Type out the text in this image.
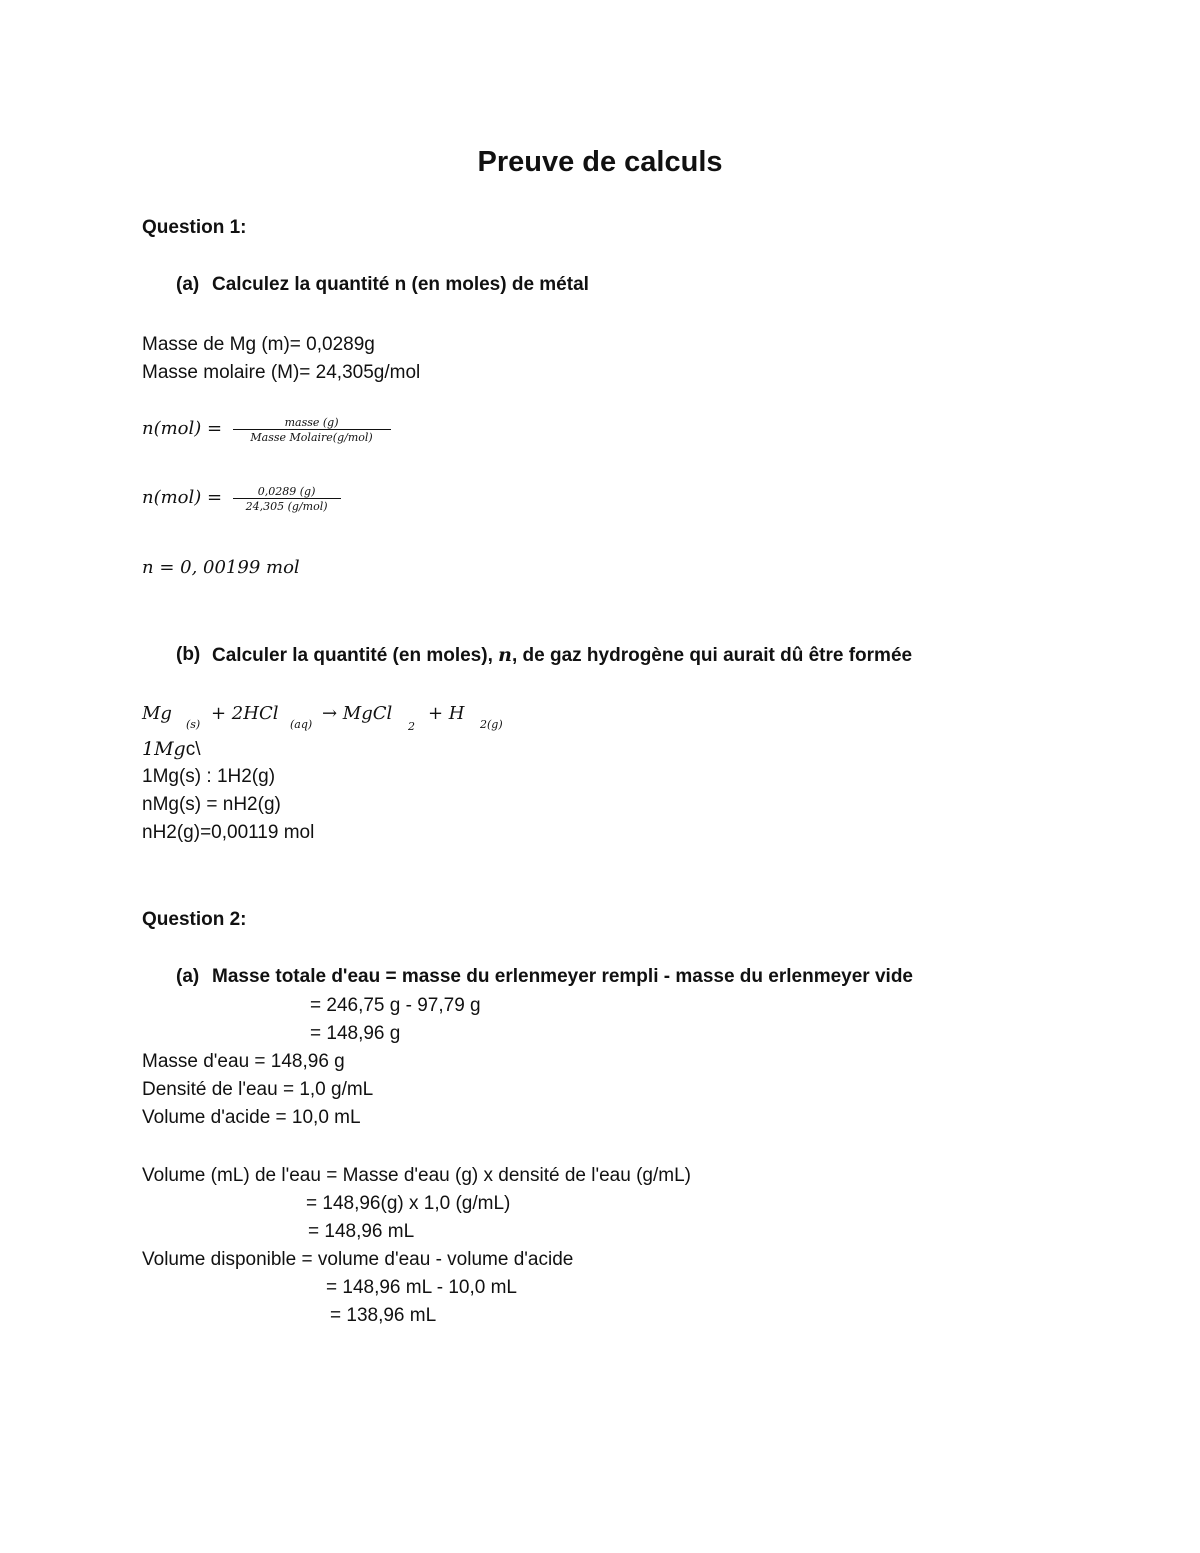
Preuve de calculs
Question 1:
(a) Calculez la quantité n (en moles) de métal
Masse de Mg (m)= 0,0289g
Masse molaire (M)= 24,305g/mol
$n(mol) = \frac{\text{masse (g)}}{\text{Masse Molaire(g/mol)}}$
$n(mol) = \frac{0,0289 (g)}{\text{24,305 (g/mol)}}$
n = 0, 00199 mol
(b) Calculer la quantité (en moles), n, de gaz hydrogène qui aurait dû être formée
Mg
(s)
+ 2HCl
(aq)
→ MgCl
2
+ H
2(g)
1Mgc\
1Mg(s) : 1H2(g)
nMg(s) = nH2(g)
nH2(g)=0,00119 mol
Question 2:
(a) Masse totale d'eau = masse du erlenmeyer rempli - masse du erlenmeyer vide
= 246,75 g - 97,79 g
= 148,96 g
Masse d'eau = 148,96 g
Densité de l'eau = 1,0 g/mL
Volume d'acide = 10,0 mL
Volume (mL) de l'eau = Masse d'eau (g) x densité de l'eau (g/mL)
= 148,96(g) x 1,0 (g/mL)
= 148,96 mL
Volume disponible = volume d'eau - volume d'acide
= 148,96 mL - 10,0 mL
= 138,96 mL
